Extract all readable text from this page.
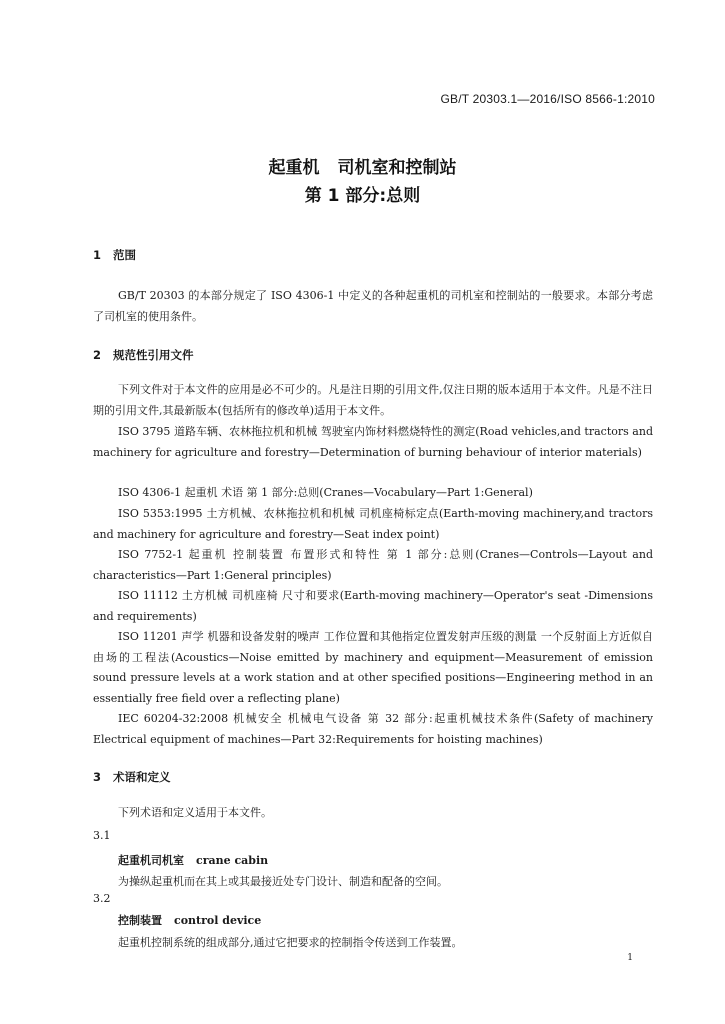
GB/T 20303.1—2016/ISO 8566-1:2010
起重机 司机室和控制站
第 1 部分:总则
1 范围
GB/T 20303 的本部分规定了 ISO 4306-1 中定义的各种起重机的司机室和控制站的一般要求。本部分考虑了司机室的使用条件。
2 规范性引用文件
下列文件对于本文件的应用是必不可少的。凡是注日期的引用文件,仅注日期的版本适用于本文件。凡是不注日期的引用文件,其最新版本(包括所有的修改单)适用于本文件。
ISO 3795 道路车辆、农林拖拉机和机械 驾驶室内饰材料燃烧特性的测定(Road vehicles,and tractors and machinery for agriculture and forestry—Determination of burning behaviour of interior materials)
ISO 4306-1 起重机 术语 第 1 部分:总则(Cranes—Vocabulary—Part 1:General)
ISO 5353:1995 土方机械、农林拖拉机和机械 司机座椅标定点(Earth-moving machinery,and tractors and machinery for agriculture and forestry—Seat index point)
ISO 7752-1 起重机 控制装置 布置形式和特性 第 1 部分:总则(Cranes—Controls—Layout and characteristics—Part 1:General principles)
ISO 11112 土方机械 司机座椅 尺寸和要求(Earth-moving machinery—Operator's seat -Dimensions and requirements)
ISO 11201 声学 机器和设备发射的噪声 工作位置和其他指定位置发射声压级的测量 一个反射面上方近似自由场的工程法(Acoustics—Noise emitted by machinery and equipment—Measurement of emission sound pressure levels at a work station and at other specified positions—Engineering method in an essentially free field over a reflecting plane)
IEC 60204-32:2008 机械安全 机械电气设备 第 32 部分:起重机械技术条件(Safety of machinery Electrical equipment of machines—Part 32:Requirements for hoisting machines)
3 术语和定义
下列术语和定义适用于本文件。
3.1
起重机司机室 crane cabin
为操纵起重机而在其上或其最接近处专门设计、制造和配备的空间。
3.2
控制装置 control device
起重机控制系统的组成部分,通过它把要求的控制指令传送到工作装置。
1
